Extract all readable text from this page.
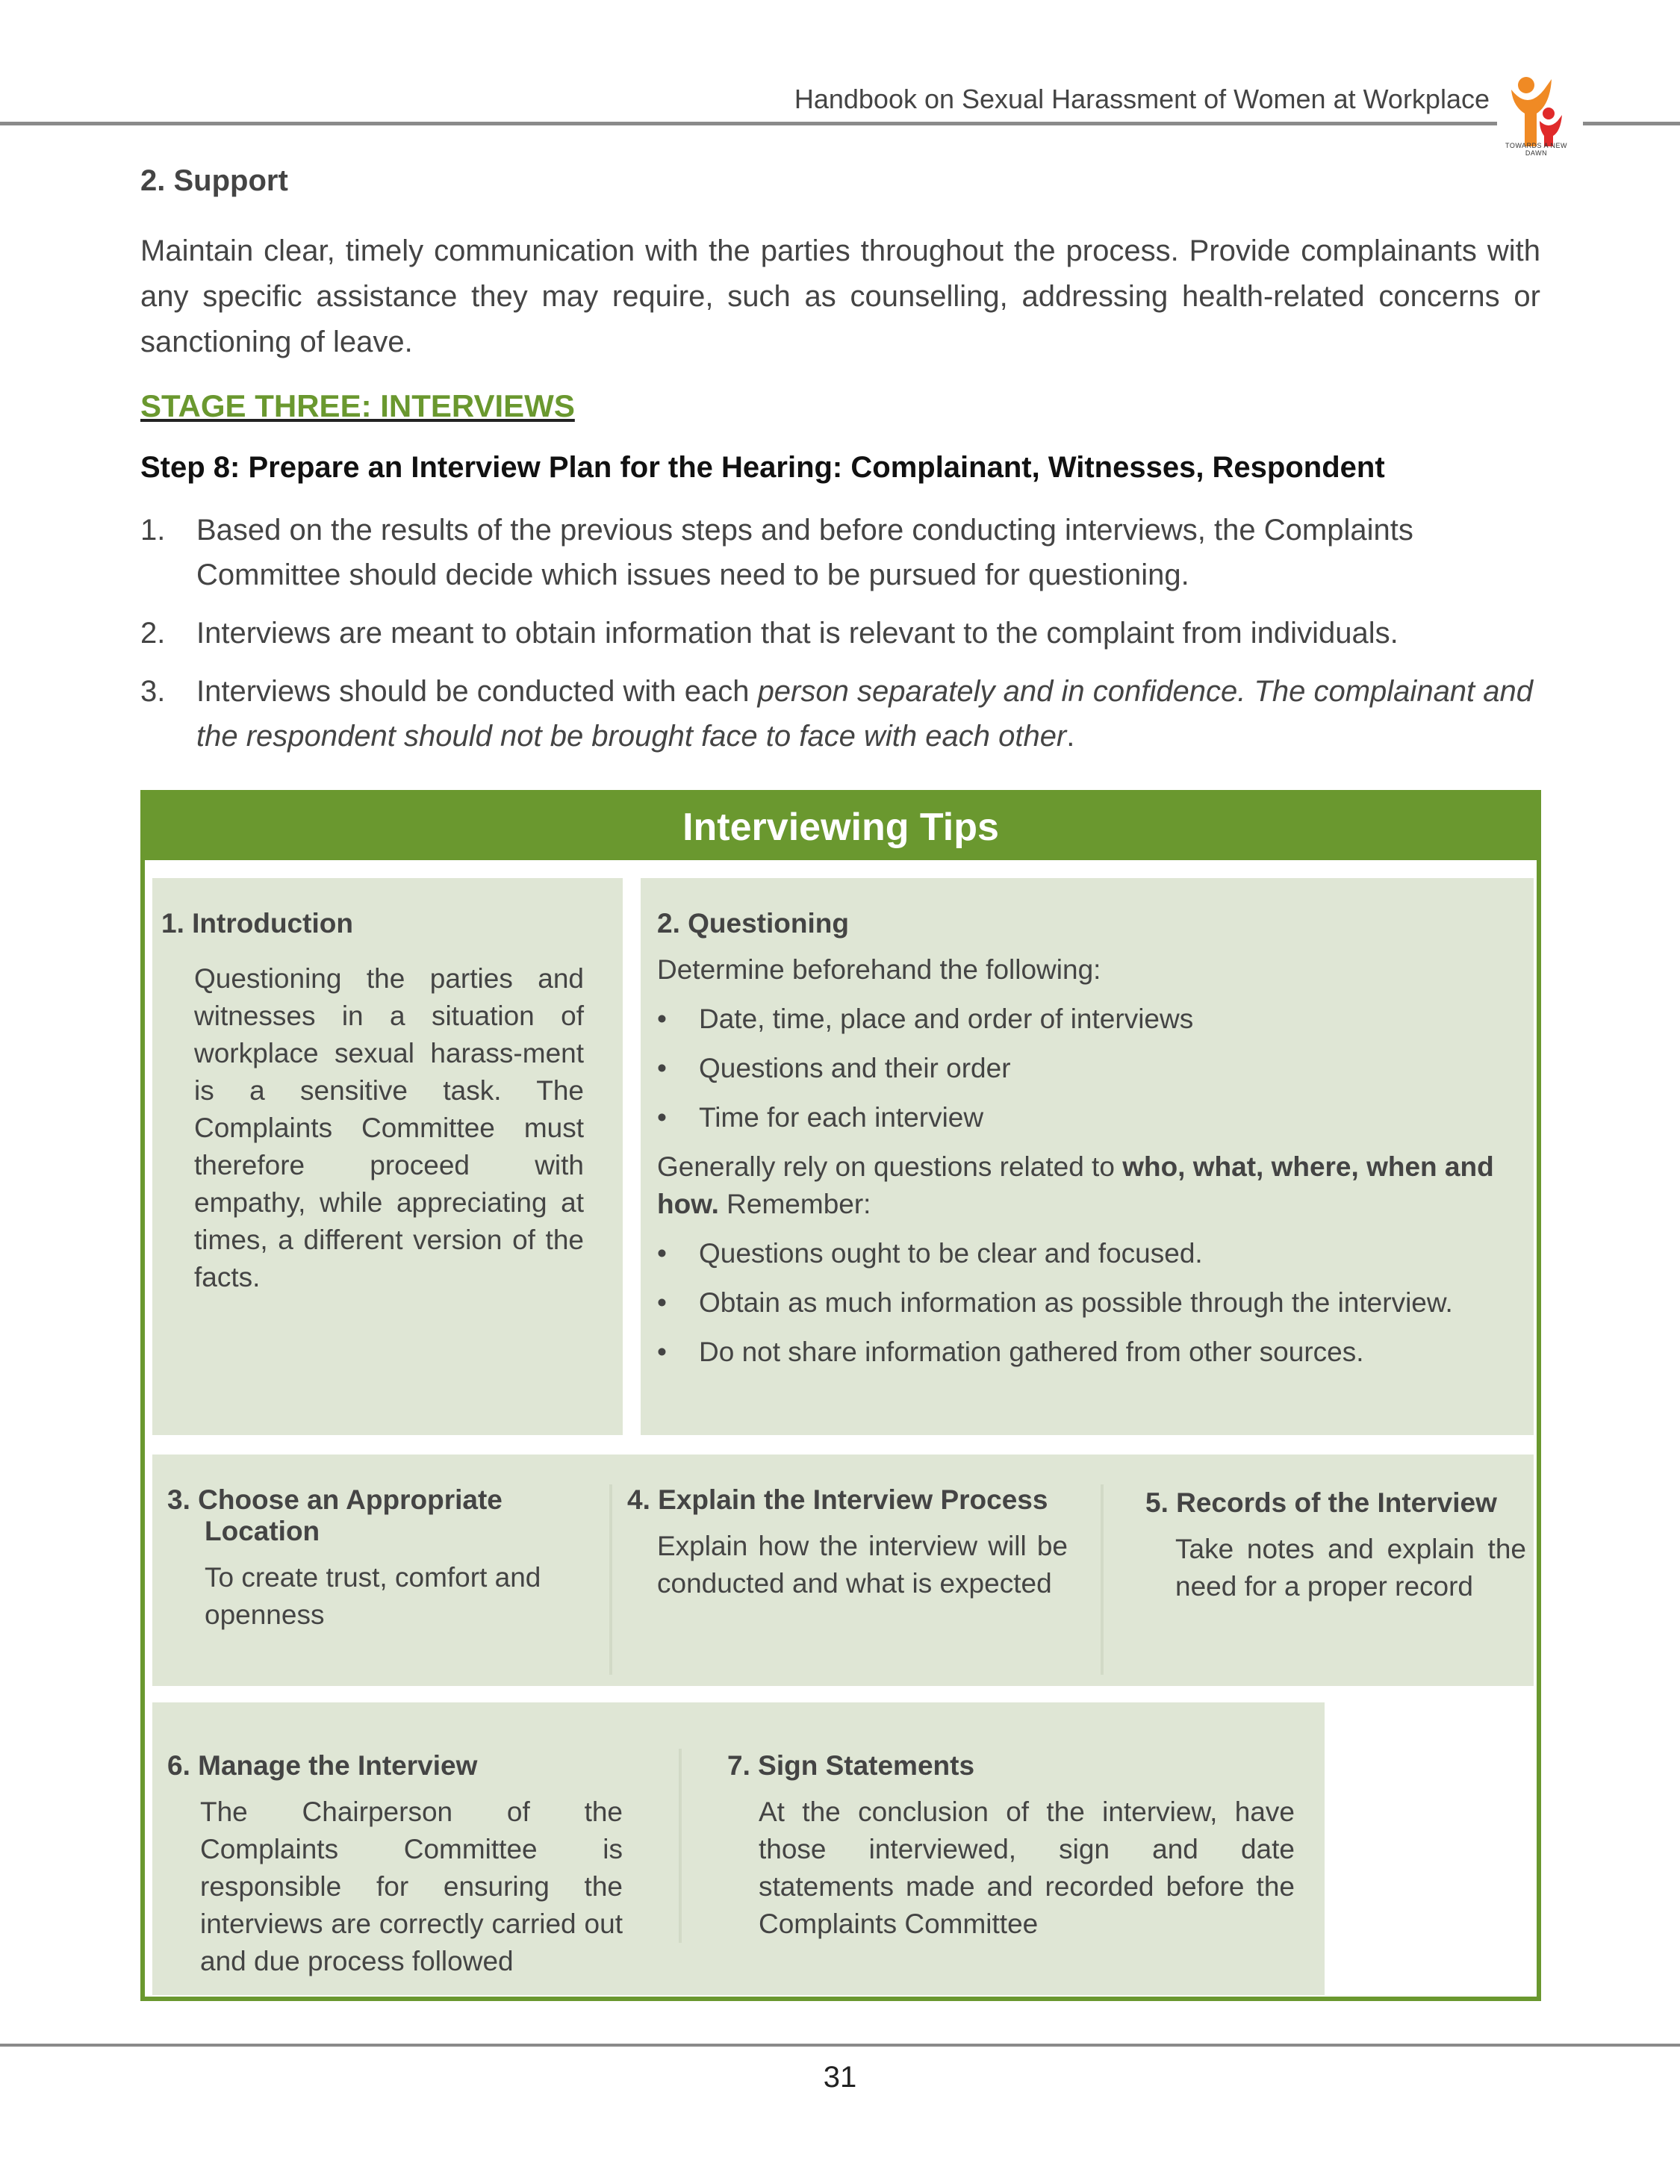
Handbook on Sexual Harassment of Women at Workplace
TOWARDS A NEW DAWN
2. Support
Maintain clear, timely communication with the parties throughout the process. Provide complainants with any specific assistance they may require, such as counselling, addressing health-related concerns or sanctioning of leave.
STAGE THREE: INTERVIEWS
Step 8: Prepare an Interview Plan for the Hearing: Complainant, Witnesses, Respondent
1.	Based on the results of the previous steps and before conducting interviews, the Complaints Committee should decide which issues need to be pursued for questioning.
2.	Interviews are meant to obtain information that is relevant to the complaint from individuals.
3.	Interviews should be conducted with each person separately and in confidence. The complainant and the respondent should not be brought face to face with each other.
Interviewing Tips
1. Introduction
Questioning the parties and witnesses in a situation of workplace sexual harass-ment is a sensitive task. The Complaints Committee must therefore proceed with empathy, while appreciating at times, a different version of the facts.
2. Questioning
Determine beforehand the following:
•	Date, time, place and order of interviews
•	Questions and their order
•	Time for each interview
Generally rely on questions related to who, what, where, when and how. Remember:
•	Questions ought to be clear and focused.
•	Obtain as much information as possible through the interview.
•	Do not share information gathered from other sources.
3. Choose an Appropriate Location
To create trust, comfort and openness
4. Explain the Interview Process
Explain how the interview will be conducted and what is expected
5. Records of the Interview
Take notes and explain the need for a proper record
6. Manage the Interview
The Chairperson of the Complaints Committee is responsible for ensuring the interviews are correctly carried out and due process followed
7. Sign Statements
At the conclusion of the interview, have those interviewed, sign and date statements made and recorded before the Complaints Committee
31
